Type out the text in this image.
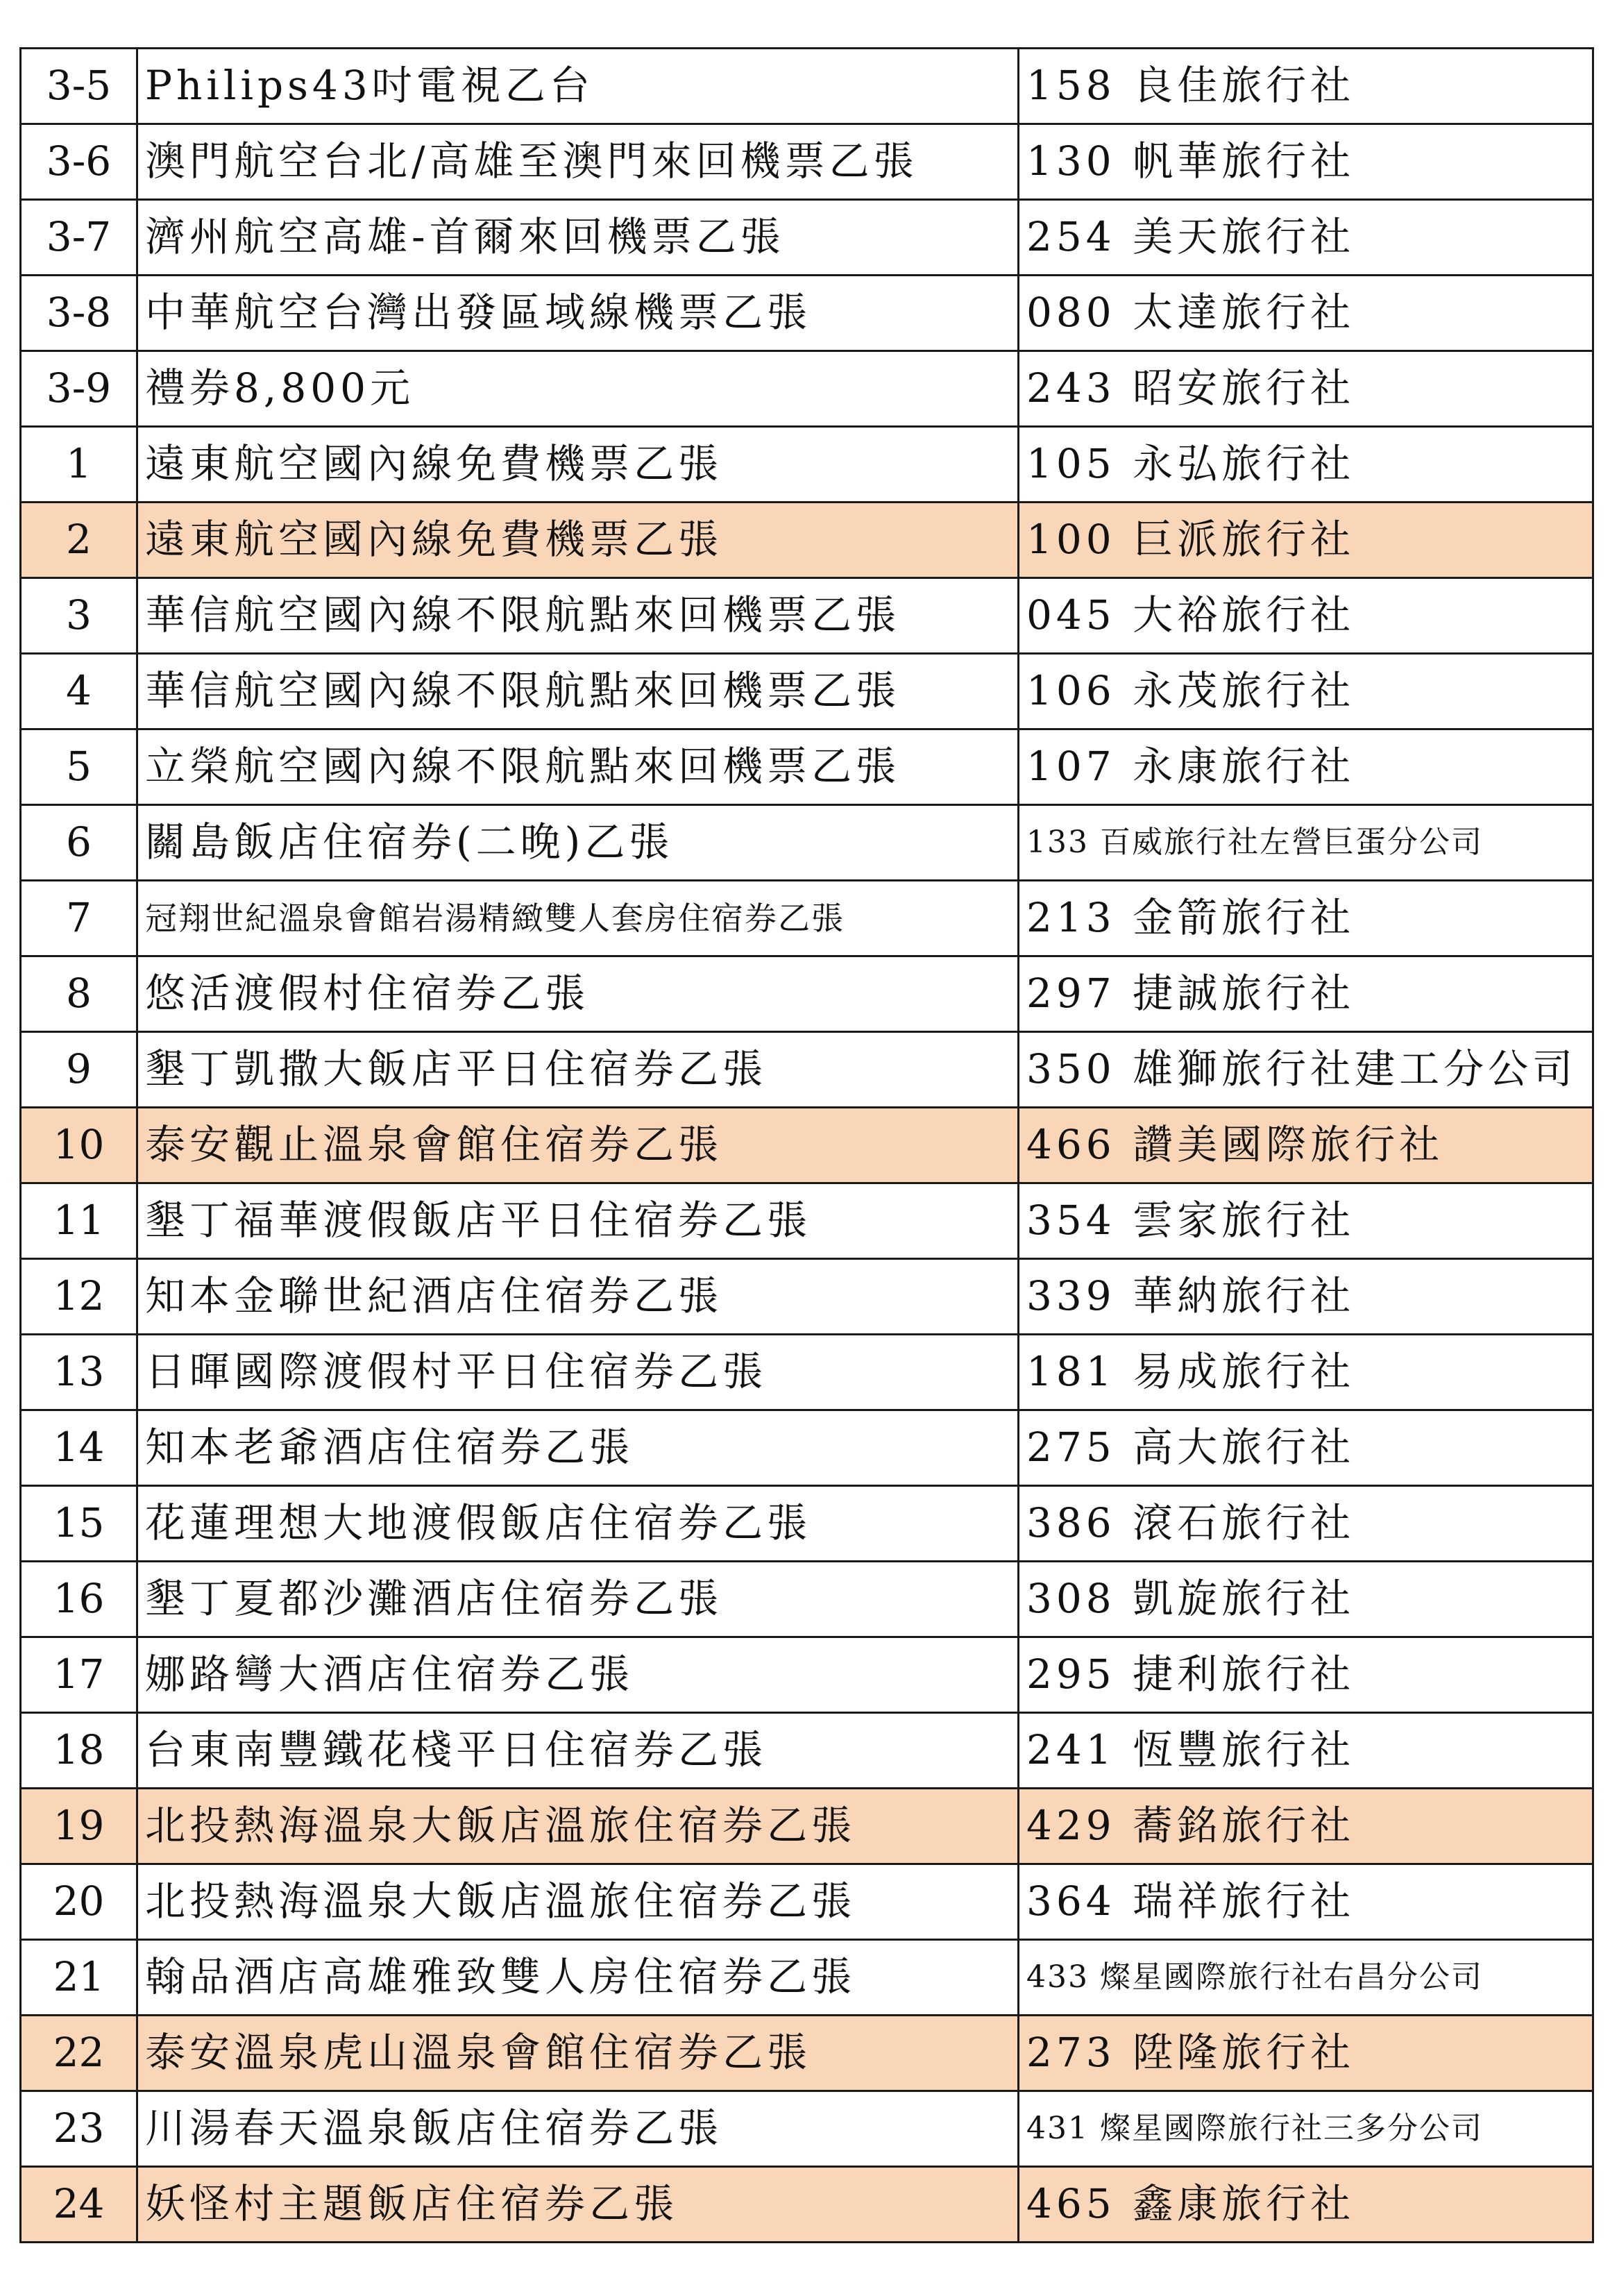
3-5	Philips43吋電視乙台	158 良佳旅行社
3-6	澳門航空台北/高雄至澳門來回機票乙張	130 帆華旅行社
3-7	濟州航空高雄-首爾來回機票乙張	254 美天旅行社
3-8	中華航空台灣出發區域線機票乙張	080 太達旅行社
3-9	禮券8,800元	243 昭安旅行社
1	遠東航空國內線免費機票乙張	105 永弘旅行社
2	遠東航空國內線免費機票乙張	100 巨派旅行社
3	華信航空國內線不限航點來回機票乙張	045 大裕旅行社
4	華信航空國內線不限航點來回機票乙張	106 永茂旅行社
5	立榮航空國內線不限航點來回機票乙張	107 永康旅行社
6	關島飯店住宿券(二晚)乙張	133 百威旅行社左營巨蛋分公司
7	冠翔世紀溫泉會館岩湯精緻雙人套房住宿券乙張	213 金箭旅行社
8	悠活渡假村住宿券乙張	297 捷誠旅行社
9	墾丁凱撒大飯店平日住宿券乙張	350 雄獅旅行社建工分公司
10	泰安觀止溫泉會館住宿券乙張	466 讚美國際旅行社
11	墾丁福華渡假飯店平日住宿券乙張	354 雲家旅行社
12	知本金聯世紀酒店住宿券乙張	339 華納旅行社
13	日暉國際渡假村平日住宿券乙張	181 易成旅行社
14	知本老爺酒店住宿券乙張	275 高大旅行社
15	花蓮理想大地渡假飯店住宿券乙張	386 滾石旅行社
16	墾丁夏都沙灘酒店住宿券乙張	308 凱旋旅行社
17	娜路彎大酒店住宿券乙張	295 捷利旅行社
18	台東南豐鐵花棧平日住宿券乙張	241 恆豐旅行社
19	北投熱海溫泉大飯店溫旅住宿券乙張	429 蕎銘旅行社
20	北投熱海溫泉大飯店溫旅住宿券乙張	364 瑞祥旅行社
21	翰品酒店高雄雅致雙人房住宿券乙張	433 燦星國際旅行社右昌分公司
22	泰安溫泉虎山溫泉會館住宿券乙張	273 陞隆旅行社
23	川湯春天溫泉飯店住宿券乙張	431 燦星國際旅行社三多分公司
24	妖怪村主題飯店住宿券乙張	465 鑫康旅行社
